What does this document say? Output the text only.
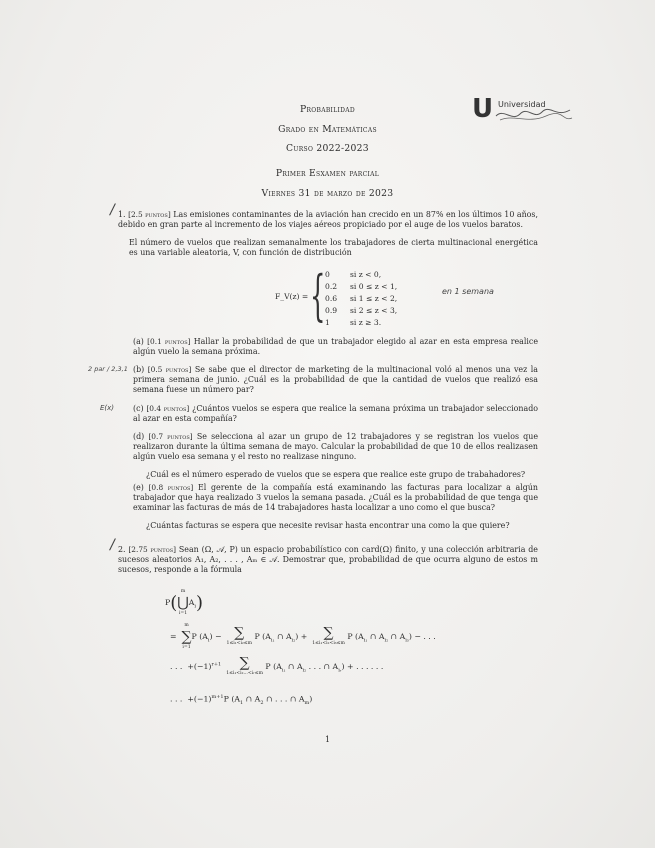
Probabilidad
Grado en Matemáticas
Curso 2022-2023
Primer Esxamen parcial
Viernes 31 de marzo de 2023
U Universidad
/ 1. [2.5 puntos] Las emisiones contaminantes de la aviación han crecido en un 87% en los últimos 10 años, debido en gran parte al incremento de los viajes aéreos propiciado por el auge de los vuelos baratos.
El número de vuelos que realizan semanalmente los trabajadores de cierta multinacional energética es una variable aleatoria, V, con función de distribución
F_V(z) = { 0	si z < 0,
0.2	si 0 ≤ z < 1,
0.6	si 1 ≤ z < 2,
0.9	si 2 ≤ z < 3,
1	si z ≥ 3.
en 1 semana
(a) [0.1 puntos] Hallar la probabilidad de que un trabajador elegido al azar en esta empresa realice algún vuelo la semana próxima.
2 par / 2,3,1 (b) [0.5 puntos] Se sabe que el director de marketing de la multinacional voló al menos una vez la primera semana de junio. ¿Cuál es la probabilidad de que la cantidad de vuelos que realizó esa semana fuese un número par?
E(x) (c) [0.4 puntos] ¿Cuántos vuelos se espera que realice la semana próxima un trabajador seleccionado al azar en esta compañía?
(d) [0.7 puntos] Se selecciona al azar un grupo de 12 trabajadores y se registran los vuelos que realizaron durante la última semana de mayo. Calcular la probabilidad de que 10 de ellos realizasen algún vuelo esa semana y el resto no realizase ninguno.
¿Cuál es el número esperado de vuelos que se espera que realice este grupo de trabahadores?
(e) [0.8 puntos] El gerente de la compañía está examinando las facturas para localizar a algún trabajador que haya realizado 3 vuelos la semana pasada. ¿Cuál es la probabilidad de que tenga que examinar las facturas de más de 14 trabajadores hasta localizar a uno como el que busca?
¿Cuántas facturas se espera que necesite revisar hasta encontrar una como la que quiere?
/ 2. [2.75 puntos] Sean (Ω, 𝒜, P) un espacio probabilístico con card(Ω) finito, y una colección arbitraria de sucesos aleatorios A₁, A₂, . . . , Aₘ ∈ 𝒜. Demostrar que, probabilidad de que ocurra alguno de estos m sucesos, responde a la fórmula
P(
m
⋃
i=1
$A_i$)
=
m
∑
i=1
P $(A_i)$ − ∑
1≤i₁<i₂≤m
P ($A_{i_1}$ ∩ $A_{i_2}$) + ∑
1≤i₁<i₂<i₃≤m
P ($A_{i_1}$ ∩ $A_{i_2}$ ∩ $A_{i_3}$) − . . .
. . .  $+(-1)^{r+1}$	∑
1≤i₁<i₂...<iᵣ≤m
P ($A_{i_1}$ ∩ $A_{i_2}$ . . . ∩ $A_{iᵣ}$) + . . . . . .
. . .  $+(-1)^{m+1}P$ ($A_1$ ∩ $A_2$ ∩ . . . ∩ $A_m$)
1
